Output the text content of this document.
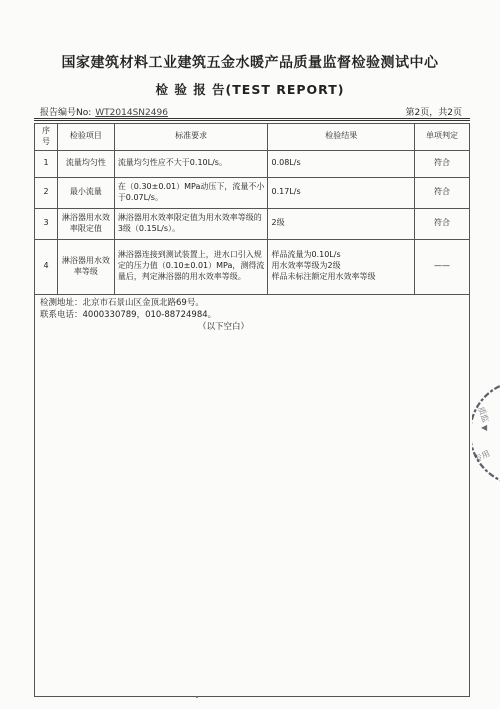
国家建筑材料工业建筑五金水暖产品质量监督检验测试中心
检 验 报 告(TEST REPORT)
报告编号No: WT2014SN2496	第2页，共2页
序号	检验项目	标准要求	检验结果	单项判定
1	流量均匀性	流量均匀性应不大于0.10L/s。	0.08L/s	符合
2	最小流量	在（0.30±0.01）MPa动压下，流量不小于0.07L/s。	0.17L/s	符合
3	淋浴器用水效率限定值	淋浴器用水效率限定值为用水效率等级的3级（0.15L/s）。	2级	符合
4	淋浴器用水效率等级	淋浴器连接到测试装置上，进水口引入规定的压力值（0.10±0.01）MPa，测得流量后，判定淋浴器的用水效率等级。	样品流量为0.10L/s
用水效率等级为2级
样品未标注额定用水效率等级	——
检测地址：北京市石景山区金顶北路69号。
联系电话：4000330789，010-88724984。
（以下空白）
质监
◀
专用
